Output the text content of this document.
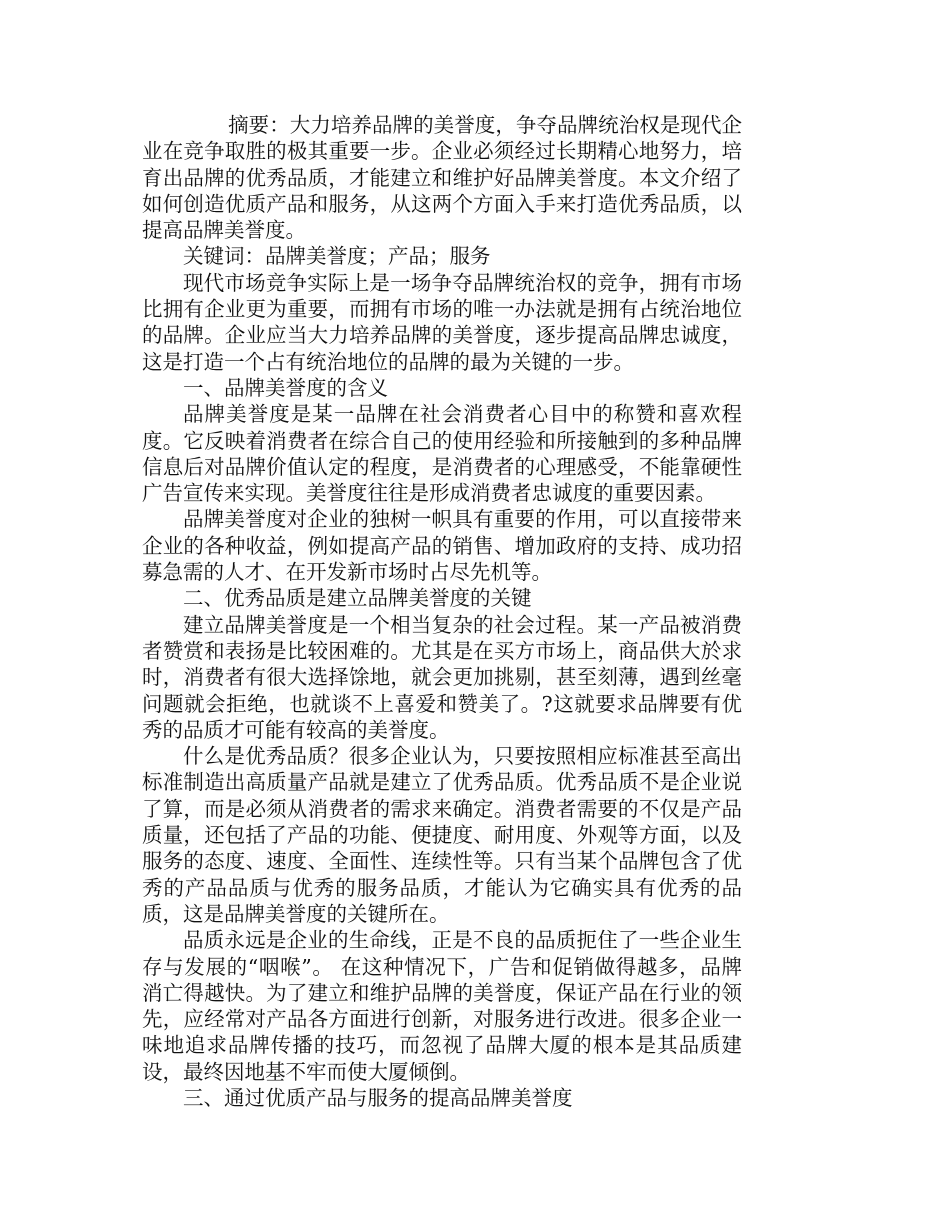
摘要：大力培养品牌的美誉度，争夺品牌统治权是现代企业在竞争取胜的极其重要一步。企业必须经过长期精心地努力，培育出品牌的优秀品质，才能建立和维护好品牌美誉度。本文介绍了如何创造优质产品和服务，从这两个方面入手来打造优秀品质，以提高品牌美誉度。

关键词：品牌美誉度；产品；服务

现代市场竞争实际上是一场争夺品牌统治权的竞争，拥有市场比拥有企业更为重要，而拥有市场的唯一办法就是拥有占统治地位的品牌。企业应当大力培养品牌的美誉度，逐步提高品牌忠诚度，这是打造一个占有统治地位的品牌的最为关键的一步。

一、品牌美誉度的含义

品牌美誉度是某一品牌在社会消费者心目中的称赞和喜欢程度。它反映着消费者在综合自己的使用经验和所接触到的多种品牌信息后对品牌价值认定的程度，是消费者的心理感受，不能靠硬性广告宣传来实现。美誉度往往是形成消费者忠诚度的重要因素。

品牌美誉度对企业的独树一帜具有重要的作用，可以直接带来企业的各种收益，例如提高产品的销售、增加政府的支持、成功招募急需的人才、在开发新市场时占尽先机等。

二、优秀品质是建立品牌美誉度的关键

建立品牌美誉度是一个相当复杂的社会过程。某一产品被消费者赞赏和表扬是比较困难的。尤其是在买方市场上，商品供大於求时，消费者有很大选择馀地，就会更加挑剔，甚至刻薄，遇到丝毫问题就会拒绝，也就谈不上喜爱和赞美了。?这就要求品牌要有优秀的品质才可能有较高的美誉度。

什么是优秀品质？很多企业认为，只要按照相应标准甚至高出标准制造出高质量产品就是建立了优秀品质。优秀品质不是企业说了算，而是必须从消费者的需求来确定。消费者需要的不仅是产品质量，还包括了产品的功能、便捷度、耐用度、外观等方面，以及服务的态度、速度、全面性、连续性等。只有当某个品牌包含了优秀的产品品质与优秀的服务品质，才能认为它确实具有优秀的品质，这是品牌美誉度的关键所在。

品质永远是企业的生命线，正是不良的品质扼住了一些企业生存与发展的“咽喉”。 在这种情况下，广告和促销做得越多，品牌消亡得越快。为了建立和维护品牌的美誉度，保证产品在行业的领先，应经常对产品各方面进行创新，对服务进行改进。很多企业一味地追求品牌传播的技巧，而忽视了品牌大厦的根本是其品质建设，最终因地基不牢而使大厦倾倒。

三、通过优质产品与服务的提高品牌美誉度
